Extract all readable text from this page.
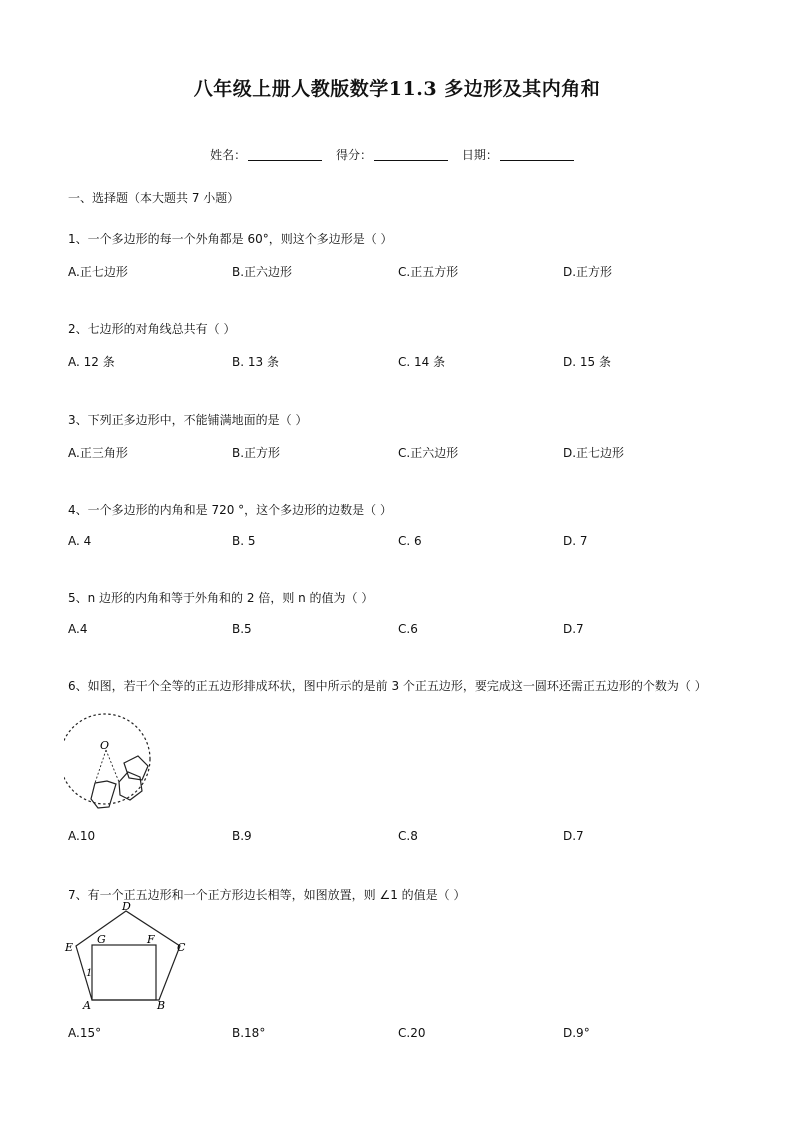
八年级上册人教版数学11.3 多边形及其内角和
姓名：	得分：	日期：
一、选择题（本大题共 7 小题）
1、一个多边形的每一个外角都是 60°，则这个多边形是（ ）
A.正七边形	B.正六边形	C.正五方形	D.正方形
2、七边形的对角线总共有（ ）
A. 12 条	B. 13 条	C. 14 条	D. 15 条
3、下列正多边形中，不能铺满地面的是（ ）
A.正三角形	B.正方形	C.正六边形	D.正七边形
4、一个多边形的内角和是 720 °，这个多边形的边数是（ ）
A. 4	B. 5	C. 6	D. 7
5、n 边形的内角和等于外角和的 2 倍，则 n 的值为（ ）
A.4	B.5	C.6	D.7
6、如图，若干个全等的正五边形排成环状，图中所示的是前 3 个正五边形，要完成这一圆环还需正五边形的个数为（ ）
O
A.10	B.9	C.8	D.7
7、有一个正五边形和一个正方形边长相等，如图放置，则 ∠1 的值是（ ）
D
E	C
G	F
A	B
1
A.15°	B.18°	C.20	D.9°
